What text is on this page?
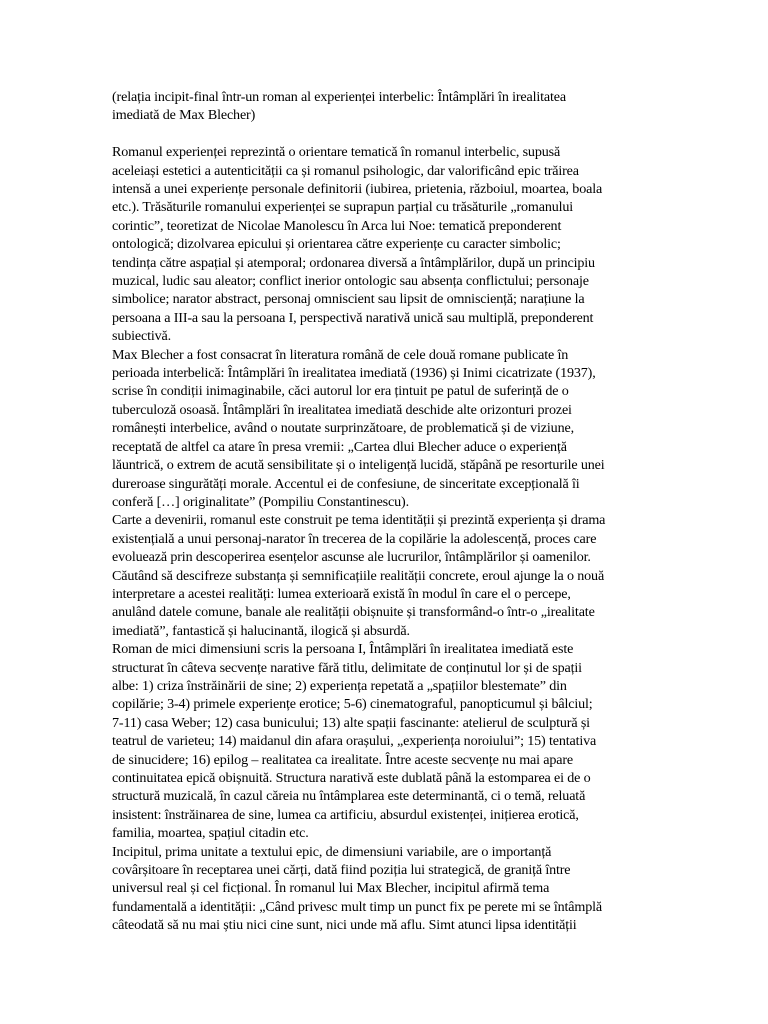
(relația incipit-final într-un roman al experienței interbelic: Întâmplări în irealitatea
imediată de Max Blecher)
Romanul experienței reprezintă o orientare tematică în romanul interbelic, supusă
aceleiași estetici a autenticității ca și romanul psihologic, dar valorificând epic trăirea
intensă a unei experiențe personale definitorii (iubirea, prietenia, războiul, moartea, boala
etc.). Trăsăturile romanului experienței se suprapun parțial cu trăsăturile „romanului
corintic”, teoretizat de Nicolae Manolescu în Arca lui Noe: tematică preponderent
ontologică; dizolvarea epicului și orientarea către experiențe cu caracter simbolic;
tendința către aspațial și atemporal; ordonarea diversă a întâmplărilor, după un principiu
muzical, ludic sau aleator; conflict inerior ontologic sau absența conflictului; personaje
simbolice; narator abstract, personaj omniscient sau lipsit de omnisciență; narațiune la
persoana a III-a sau la persoana I, perspectivă narativă unică sau multiplă, preponderent
subiectivă.
Max Blecher a fost consacrat în literatura română de cele două romane publicate în
perioada interbelică: Întâmplări în irealitatea imediată (1936) și Inimi cicatrizate (1937),
scrise în condiții inimaginabile, căci autorul lor era țintuit pe patul de suferință de o
tuberculoză osoasă. Întâmplări în irealitatea imediată deschide alte orizonturi prozei
românești interbelice, având o noutate surprinzătoare, de problematică și de viziune,
receptată de altfel ca atare în presa vremii: „Cartea dlui Blecher aduce o experiență
lăuntrică, o extrem de acută sensibilitate și o inteligență lucidă, stăpână pe resorturile unei
dureroase singurătăți morale. Accentul ei de confesiune, de sinceritate excepțională îi
conferă […] originalitate” (Pompiliu Constantinescu).
Carte a devenirii, romanul este construit pe tema identității și prezintă experiența și drama
existențială a unui personaj-narator în trecerea de la copilărie la adolescență, proces care
evoluează prin descoperirea esențelor ascunse ale lucrurilor, întâmplărilor și oamenilor.
Căutând să descifreze substanța și semnificațiile realității concrete, eroul ajunge la o nouă
interpretare a acestei realități: lumea exterioară există în modul în care el o percepe,
anulând datele comune, banale ale realității obișnuite și transformând-o într-o „irealitate
imediată”, fantastică și halucinantă, ilogică și absurdă.
Roman de mici dimensiuni scris la persoana I, Întâmplări în irealitatea imediată este
structurat în câteva secvențe narative fără titlu, delimitate de conținutul lor și de spații
albe: 1) criza înstrăinării de sine; 2) experiența repetată a „spațiilor blestemate” din
copilărie; 3-4) primele experiențe erotice; 5-6) cinematograful, panopticumul și bâlciul;
7-11) casa Weber; 12) casa bunicului; 13) alte spații fascinante: atelierul de sculptură și
teatrul de varieteu; 14) maidanul din afara orașului, „experiența noroiului”; 15) tentativa
de sinucidere; 16) epilog – realitatea ca irealitate. Între aceste secvențe nu mai apare
continuitatea epică obișnuită. Structura narativă este dublată până la estomparea ei de o
structură muzicală, în cazul căreia nu întâmplarea este determinantă, ci o temă, reluată
insistent: înstrăinarea de sine, lumea ca artificiu, absurdul existenței, inițierea erotică,
familia, moartea, spațiul citadin etc.
Incipitul, prima unitate a textului epic, de dimensiuni variabile, are o importanță
covârșitoare în receptarea unei cărți, dată fiind poziția lui strategică, de graniță între
universul real și cel ficțional. În romanul lui Max Blecher, incipitul afirmă tema
fundamentală a identității: „Când privesc mult timp un punct fix pe perete mi se întâmplă
câteodată să nu mai știu nici cine sunt, nici unde mă aflu. Simt atunci lipsa identității
